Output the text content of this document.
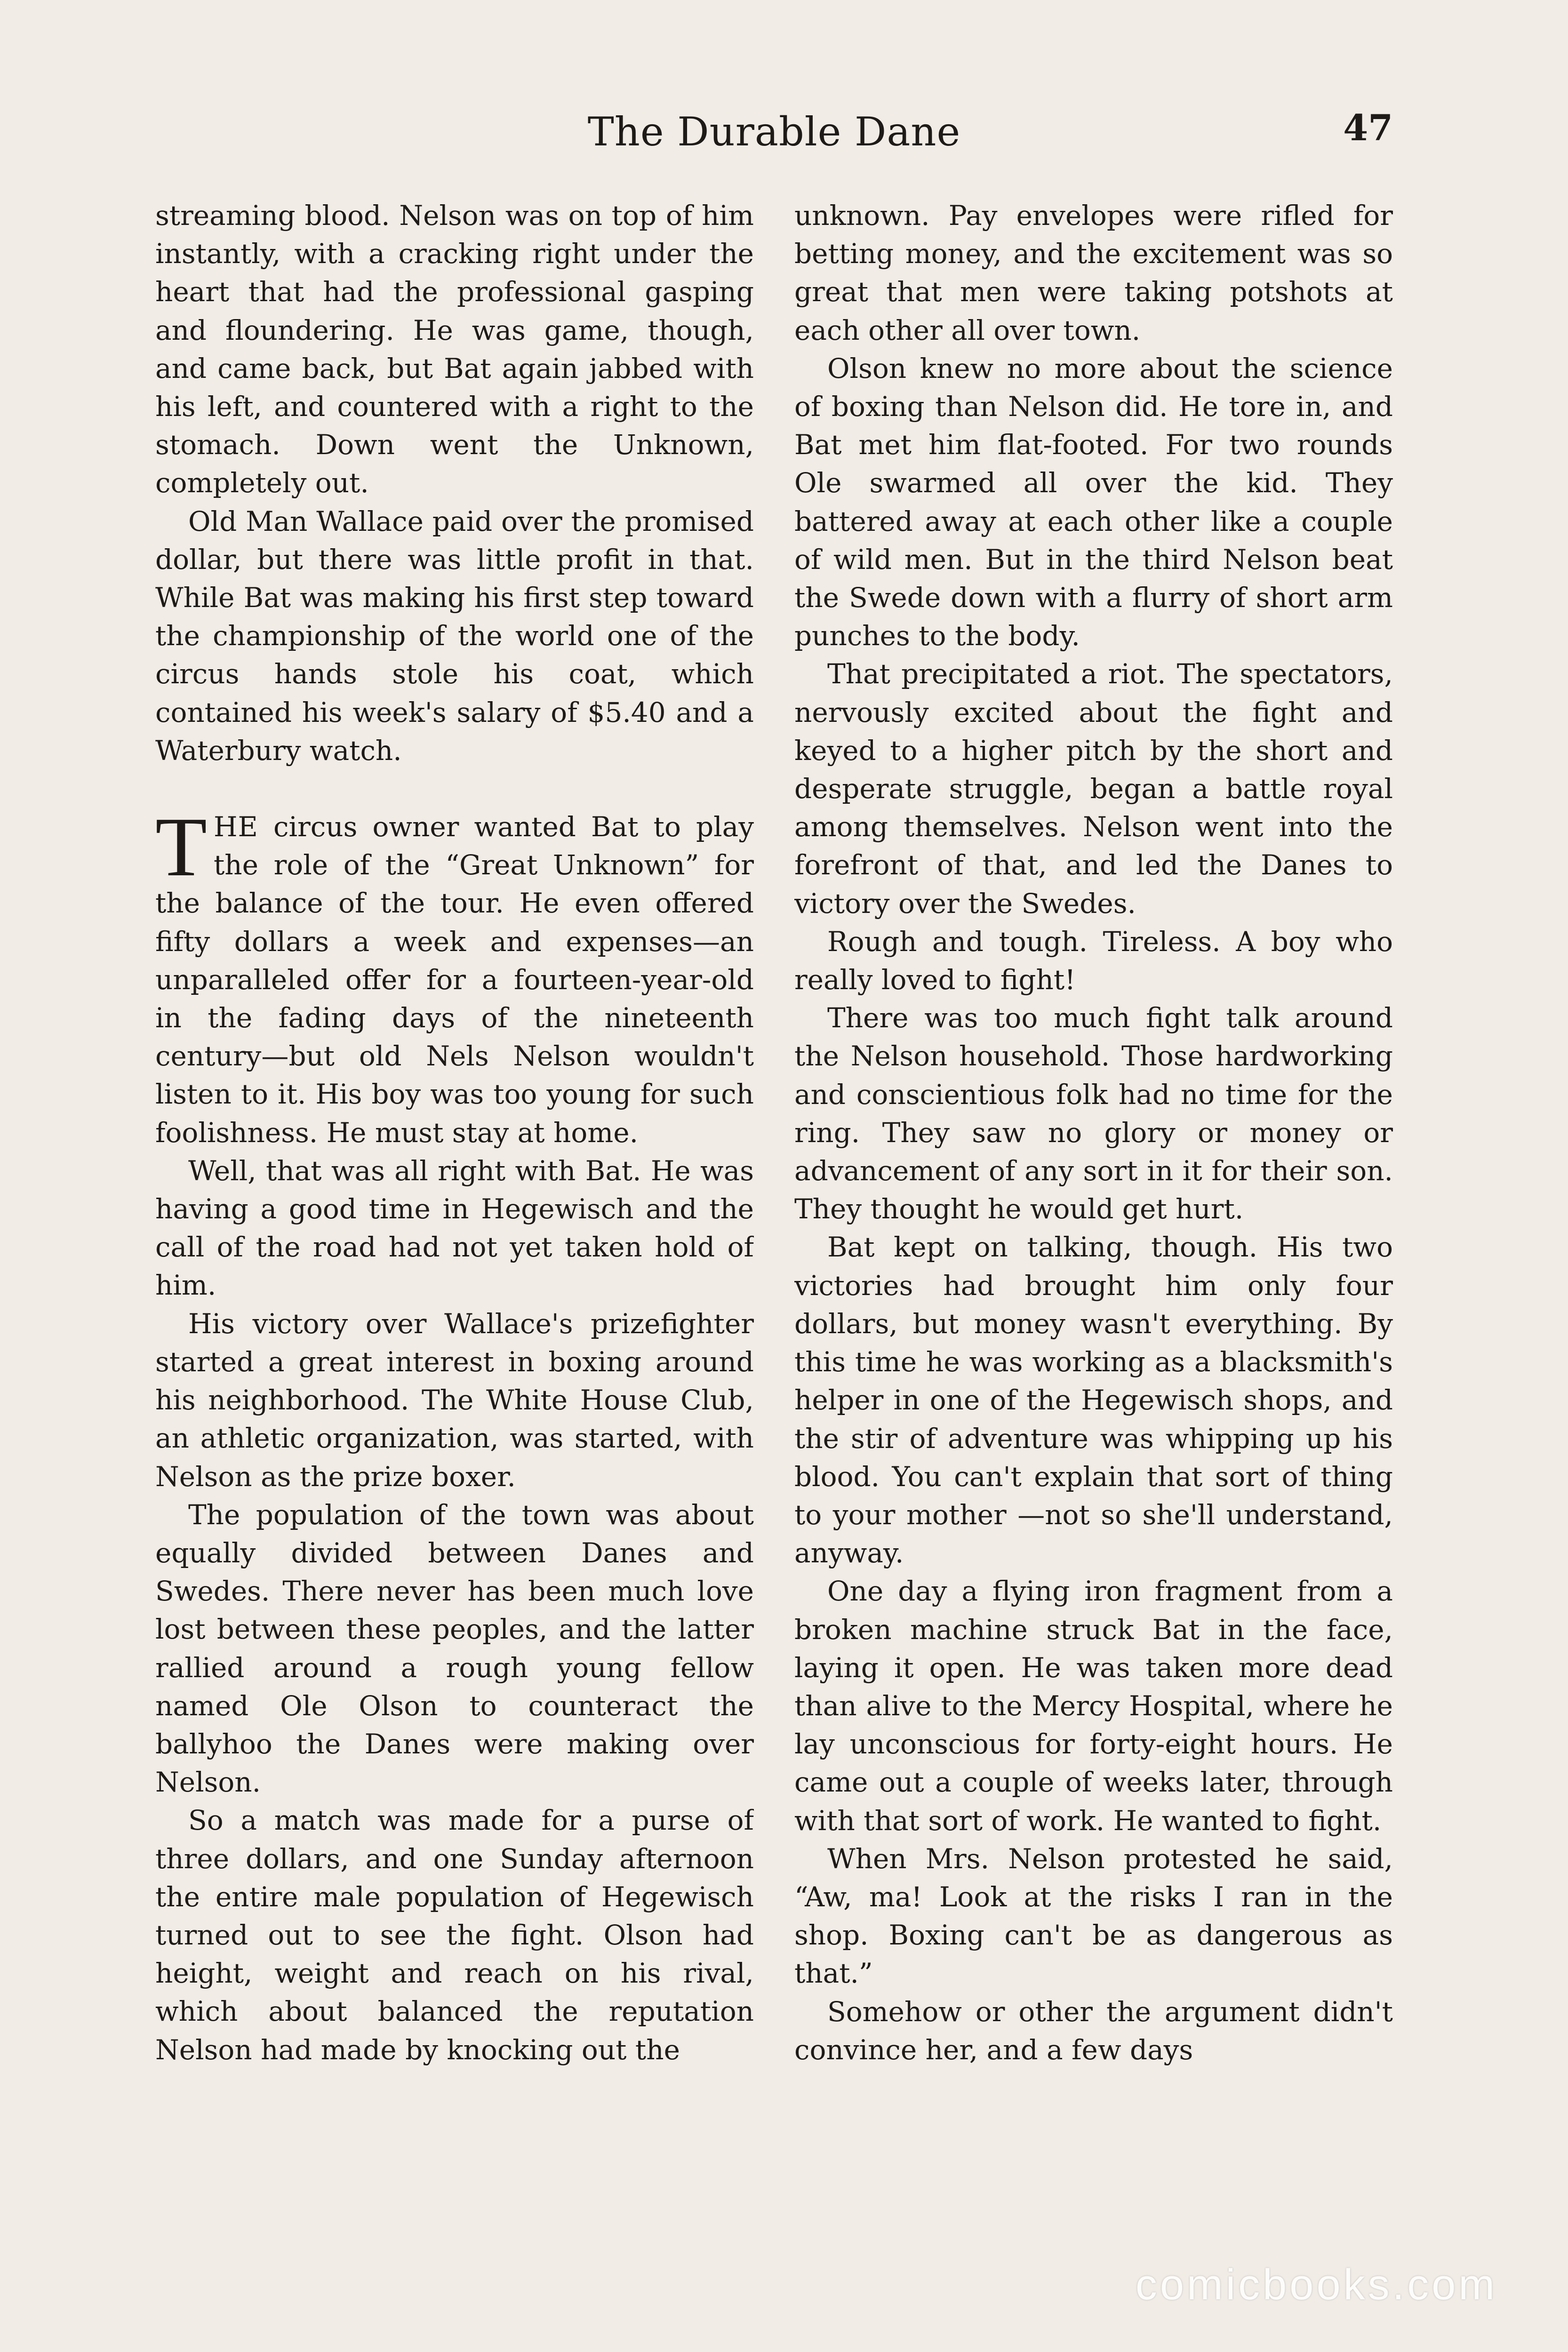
The Durable Dane	47

streaming blood. Nelson was on top of him instantly, with a cracking right under the heart that had the professional gasping and floundering. He was game, though, and came back, but Bat again jabbed with his left, and countered with a right to the stomach. Down went the Unknown, completely out.

Old Man Wallace paid over the promised dollar, but there was little profit in that. While Bat was making his first step toward the championship of the world one of the circus hands stole his coat, which contained his week's salary of $5.40 and a Waterbury watch.

THE circus owner wanted Bat to play the role of the “Great Unknown” for the balance of the tour. He even offered fifty dollars a week and expenses—an unparalleled offer for a fourteen-year-old in the fading days of the nineteenth century—but old Nels Nelson wouldn't listen to it. His boy was too young for such foolishness. He must stay at home.

Well, that was all right with Bat. He was having a good time in Hegewisch and the call of the road had not yet taken hold of him.

His victory over Wallace's prizefighter started a great interest in boxing around his neighborhood. The White House Club, an athletic organization, was started, with Nelson as the prize boxer.

The population of the town was about equally divided between Danes and Swedes. There never has been much love lost between these peoples, and the latter rallied around a rough young fellow named Ole Olson to counteract the ballyhoo the Danes were making over Nelson.

So a match was made for a purse of three dollars, and one Sunday afternoon the entire male population of Hegewisch turned out to see the fight. Olson had height, weight and reach on his rival, which about balanced the reputation Nelson had made by knocking out the

unknown. Pay envelopes were rifled for betting money, and the excitement was so great that men were taking potshots at each other all over town.

Olson knew no more about the science of boxing than Nelson did. He tore in, and Bat met him flat-footed. For two rounds Ole swarmed all over the kid. They battered away at each other like a couple of wild men. But in the third Nelson beat the Swede down with a flurry of short arm punches to the body.

That precipitated a riot. The spectators, nervously excited about the fight and keyed to a higher pitch by the short and desperate struggle, began a battle royal among themselves. Nelson went into the forefront of that, and led the Danes to victory over the Swedes.

Rough and tough. Tireless. A boy who really loved to fight!

There was too much fight talk around the Nelson household. Those hardworking and conscientious folk had no time for the ring. They saw no glory or money or advancement of any sort in it for their son. They thought he would get hurt.

Bat kept on talking, though. His two victories had brought him only four dollars, but money wasn't everything. By this time he was working as a blacksmith's helper in one of the Hegewisch shops, and the stir of adventure was whipping up his blood. You can't explain that sort of thing to your mother —not so she'll understand, anyway.

One day a flying iron fragment from a broken machine struck Bat in the face, laying it open. He was taken more dead than alive to the Mercy Hospital, where he lay unconscious for forty-eight hours. He came out a couple of weeks later, through with that sort of work. He wanted to fight.

When Mrs. Nelson protested he said, “Aw, ma! Look at the risks I ran in the shop. Boxing can't be as dangerous as that.”

Somehow or other the argument didn't convince her, and a few days

comicbooks.com
